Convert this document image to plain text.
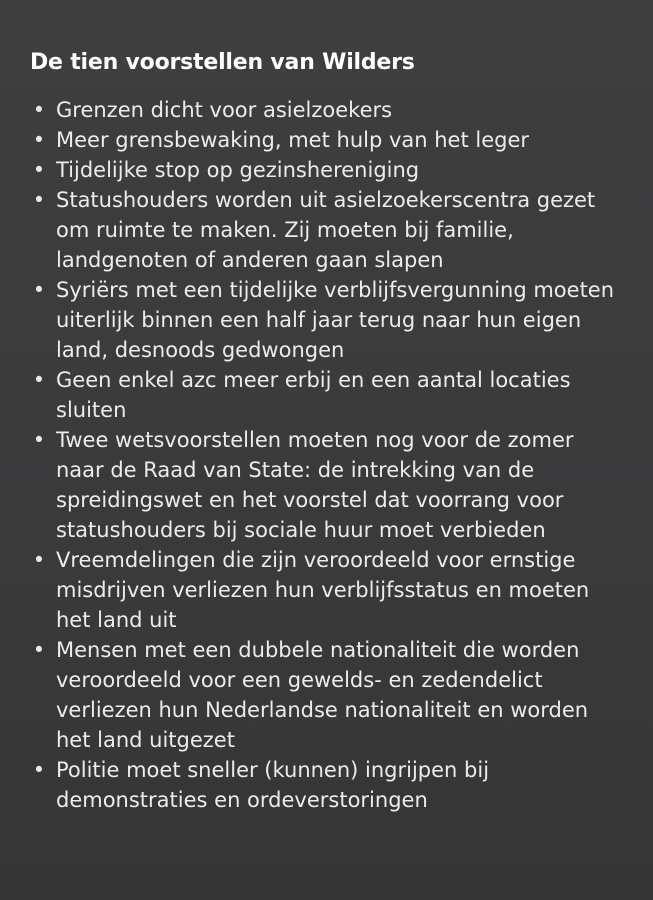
De tien voorstellen van Wilders
• Grenzen dicht voor asielzoekers
• Meer grensbewaking, met hulp van het leger
• Tijdelijke stop op gezinshereniging
• Statushouders worden uit asielzoekerscentra gezet om ruimte te maken. Zij moeten bij familie, landgenoten of anderen gaan slapen
• Syriërs met een tijdelijke verblijfsvergunning moeten uiterlijk binnen een half jaar terug naar hun eigen land, desnoods gedwongen
• Geen enkel azc meer erbij en een aantal locaties sluiten
• Twee wetsvoorstellen moeten nog voor de zomer naar de Raad van State: de intrekking van de spreidingswet en het voorstel dat voorrang voor statushouders bij sociale huur moet verbieden
• Vreemdelingen die zijn veroordeeld voor ernstige misdrijven verliezen hun verblijfsstatus en moeten het land uit
• Mensen met een dubbele nationaliteit die worden veroordeeld voor een gewelds- en zedendelict verliezen hun Nederlandse nationaliteit en worden het land uitgezet
• Politie moet sneller (kunnen) ingrijpen bij demonstraties en ordeverstoringen
